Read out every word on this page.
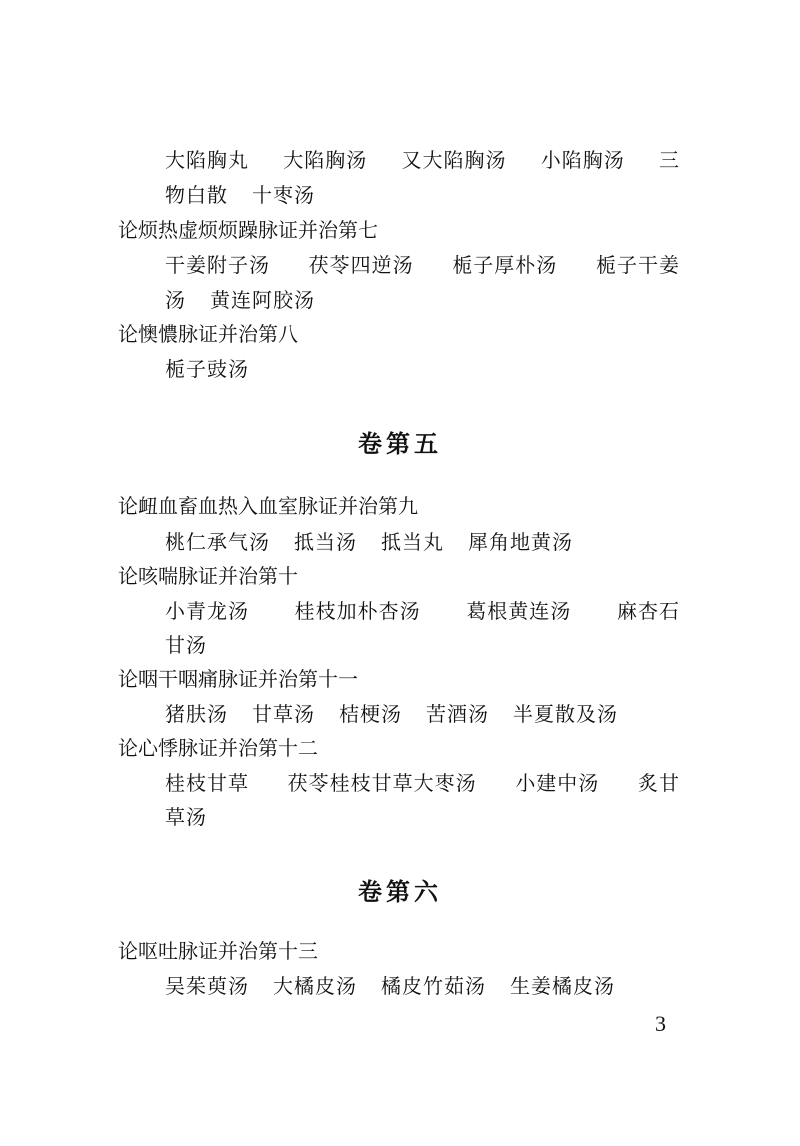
大陷胸丸 大陷胸汤 又大陷胸汤 小陷胸汤 三
物白散 十枣汤
论烦热虚烦烦躁脉证并治第七
干姜附子汤 茯苓四逆汤 栀子厚朴汤 栀子干姜
汤 黄连阿胶汤
论懊憹脉证并治第八
栀子豉汤
卷第五
论衄血畜血热入血室脉证并治第九
桃仁承气汤 抵当汤 抵当丸 犀角地黄汤
论咳喘脉证并治第十
小青龙汤 桂枝加朴杏汤 葛根黄连汤 麻杏石
甘汤
论咽干咽痛脉证并治第十一
猪肤汤 甘草汤 桔梗汤 苦酒汤 半夏散及汤
论心悸脉证并治第十二
桂枝甘草 茯苓桂枝甘草大枣汤 小建中汤 炙甘
草汤
卷第六
论呕吐脉证并治第十三
吴茱萸汤 大橘皮汤 橘皮竹茹汤 生姜橘皮汤
3
